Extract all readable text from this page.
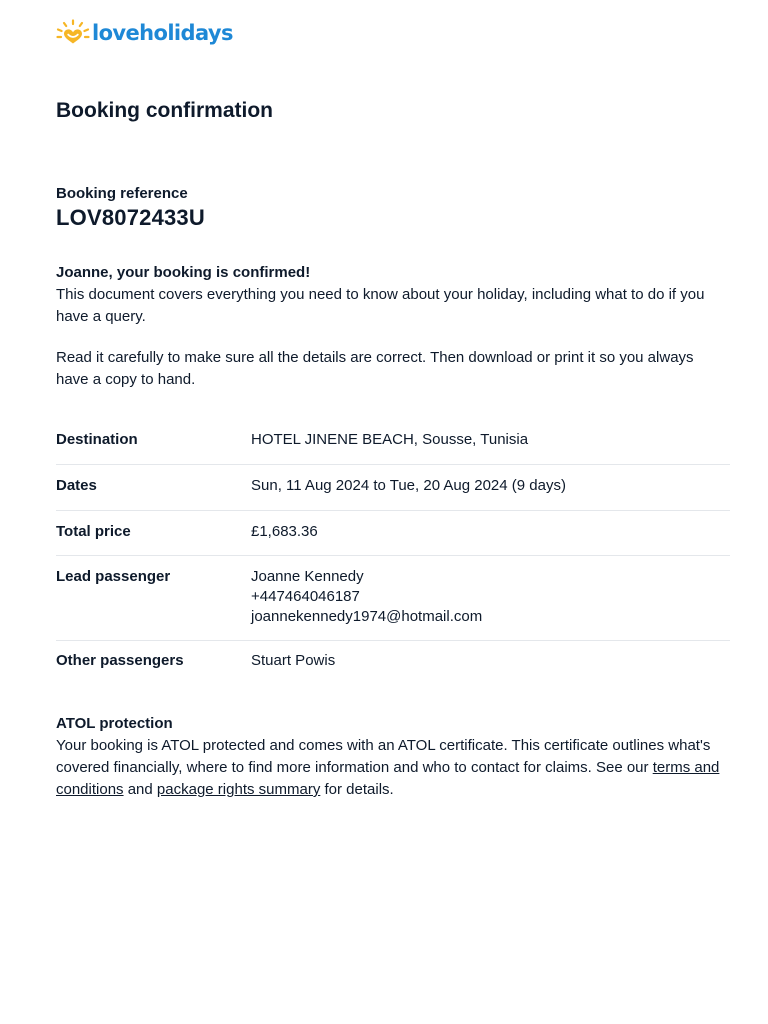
loveholidays
Booking confirmation
Booking reference
LOV8072433U
Joanne, your booking is confirmed!

This document covers everything you need to know about your holiday, including what to do if you have a query.

Read it carefully to make sure all the details are correct. Then download or print it so you always have a copy to hand.

Destination	HOTEL JINENE BEACH, Sousse, Tunisia
Dates	Sun, 11 Aug 2024 to Tue, 20 Aug 2024 (9 days)
Total price	£1,683.36
Lead passenger	Joanne Kennedy
+447464046187
joannekennedy1974@hotmail.com
Other passengers	Stuart Powis
ATOL protection

Your booking is ATOL protected and comes with an ATOL certificate. This certificate outlines what's covered financially, where to find more information and who to contact for claims. See our terms and conditions and package rights summary for details.
